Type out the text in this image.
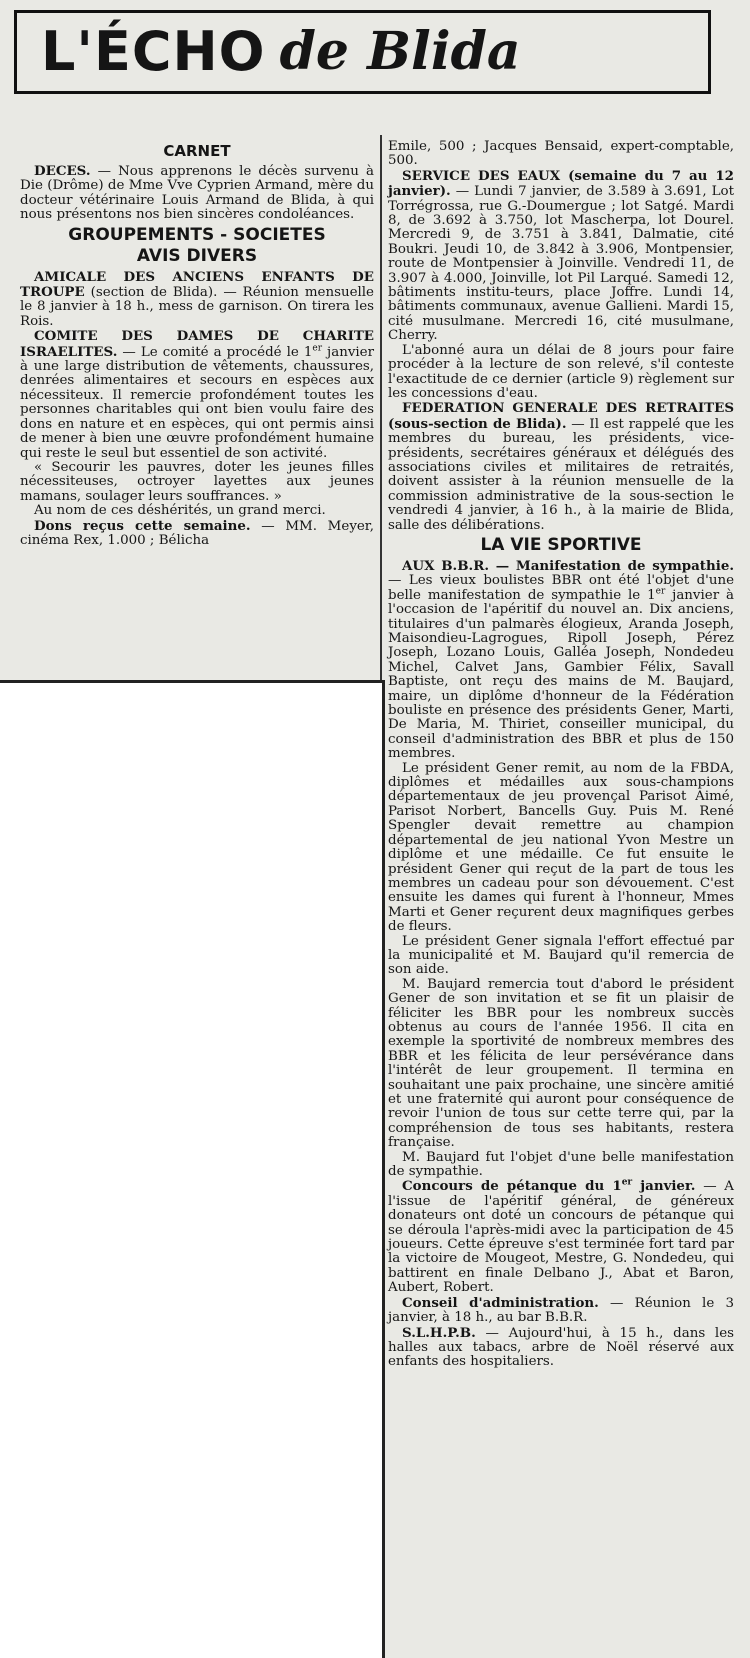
L'ÉCHO de Blida
CARNET

DECES. — Nous apprenons le décès survenu à Die (Drôme) de Mme Vve Cyprien Armand, mère du docteur vétérinaire Louis Armand de Blida, à qui nous présentons nos bien sincères condoléances.

GROUPEMENTS - SOCIETES
AVIS DIVERS

AMICALE DES ANCIENS ENFANTS DE TROUPE (section de Blida). — Réunion mensuelle le 8 janvier à 18 h., mess de garnison. On tirera les Rois.

COMITE DES DAMES DE CHARITE ISRAELITES. — Le comité a procédé le 1er janvier à une large distribution de vêtements, chaussures, denrées alimentaires et secours en espèces aux nécessiteux. Il remercie profondément toutes les personnes charitables qui ont bien voulu faire des dons en nature et en espèces, qui ont permis ainsi de mener à bien une œuvre profondément humaine qui reste le seul but essentiel de son activité.

« Secourir les pauvres, doter les jeunes filles nécessiteuses, octroyer layettes aux jeunes mamans, soulager leurs souffrances. »

Au nom de ces déshérités, un grand merci.

Dons reçus cette semaine. — MM. Meyer, cinéma Rex, 1.000 ; Bélicha

Emile, 500 ; Jacques Bensaid, expert-comptable, 500.

SERVICE DES EAUX (semaine du 7 au 12 janvier). — Lundi 7 janvier, de 3.589 à 3.691, Lot Torrégrossa, rue G.-Doumergue ; lot Satgé. Mardi 8, de 3.692 à 3.750, lot Mascherpa, lot Dourel. Mercredi 9, de 3.751 à 3.841, Dalmatie, cité Boukri. Jeudi 10, de 3.842 à 3.906, Montpensier, route de Montpensier à Joinville. Vendredi 11, de 3.907 à 4.000, Joinville, lot Pil Larqué. Samedi 12, bâtiments institu-teurs, place Joffre. Lundi 14, bâtiments communaux, avenue Gallieni. Mardi 15, cité musulmane. Mercredi 16, cité musulmane, Cherry.

L'abonné aura un délai de 8 jours pour faire procéder à la lecture de son relevé, s'il conteste l'exactitude de ce dernier (article 9) règlement sur les concessions d'eau.

FEDERATION GENERALE DES RETRAITES (sous-section de Blida). — Il est rappelé que les membres du bureau, les présidents, vice-présidents, secrétaires généraux et délégués des associations civiles et militaires de retraités, doivent assister à la réunion mensuelle de la commission administrative de la sous-section le vendredi 4 janvier, à 16 h., à la mairie de Blida, salle des délibérations.

LA VIE SPORTIVE

AUX B.B.R. — Manifestation de sympathie. — Les vieux boulistes BBR ont été l'objet d'une belle manifestation de sympathie le 1er janvier à l'occasion de l'apéritif du nouvel an. Dix anciens, titulaires d'un palmarès élogieux, Aranda Joseph, Maisondieu-Lagrogues, Ripoll Joseph, Pérez Joseph, Lozano Louis, Galléa Joseph, Nondedeu Michel, Calvet Jans, Gambier Félix, Savall Baptiste, ont reçu des mains de M. Baujard, maire, un diplôme d'honneur de la Fédération bouliste en présence des présidents Gener, Marti, De Maria, M. Thiriet, conseiller municipal, du conseil d'administration des BBR et plus de 150 membres.

Le président Gener remit, au nom de la FBDA, diplômes et médailles aux sous-champions départementaux de jeu provençal Parisot Aimé, Parisot Norbert, Bancells Guy. Puis M. René Spengler devait remettre au champion départemental de jeu national Yvon Mestre un diplôme et une médaille. Ce fut ensuite le président Gener qui reçut de la part de tous les membres un cadeau pour son dévouement. C'est ensuite les dames qui furent à l'honneur, Mmes Marti et Gener reçurent deux magnifiques gerbes de fleurs.

Le président Gener signala l'effort effectué par la municipalité et M. Baujard qu'il remercia de son aide.

M. Baujard remercia tout d'abord le président Gener de son invitation et se fit un plaisir de féliciter les BBR pour les nombreux succès obtenus au cours de l'année 1956. Il cita en exemple la sportivité de nombreux membres des BBR et les félicita de leur persévérance dans l'intérêt de leur groupement. Il termina en souhaitant une paix prochaine, une sincère amitié et une fraternité qui auront pour conséquence de revoir l'union de tous sur cette terre qui, par la compréhension de tous ses habitants, restera française.

M. Baujard fut l'objet d'une belle manifestation de sympathie.

Concours de pétanque du 1er janvier. — A l'issue de l'apéritif général, de généreux donateurs ont doté un concours de pétanque qui se déroula l'après-midi avec la participation de 45 joueurs. Cette épreuve s'est terminée fort tard par la victoire de Mougeot, Mestre, G. Nondedeu, qui battirent en finale Delbano J., Abat et Baron, Aubert, Robert.

Conseil d'administration. — Réunion le 3 janvier, à 18 h., au bar B.B.R.

S.L.H.P.B. — Aujourd'hui, à 15 h., dans les halles aux tabacs, arbre de Noël réservé aux enfants des hospitaliers.
